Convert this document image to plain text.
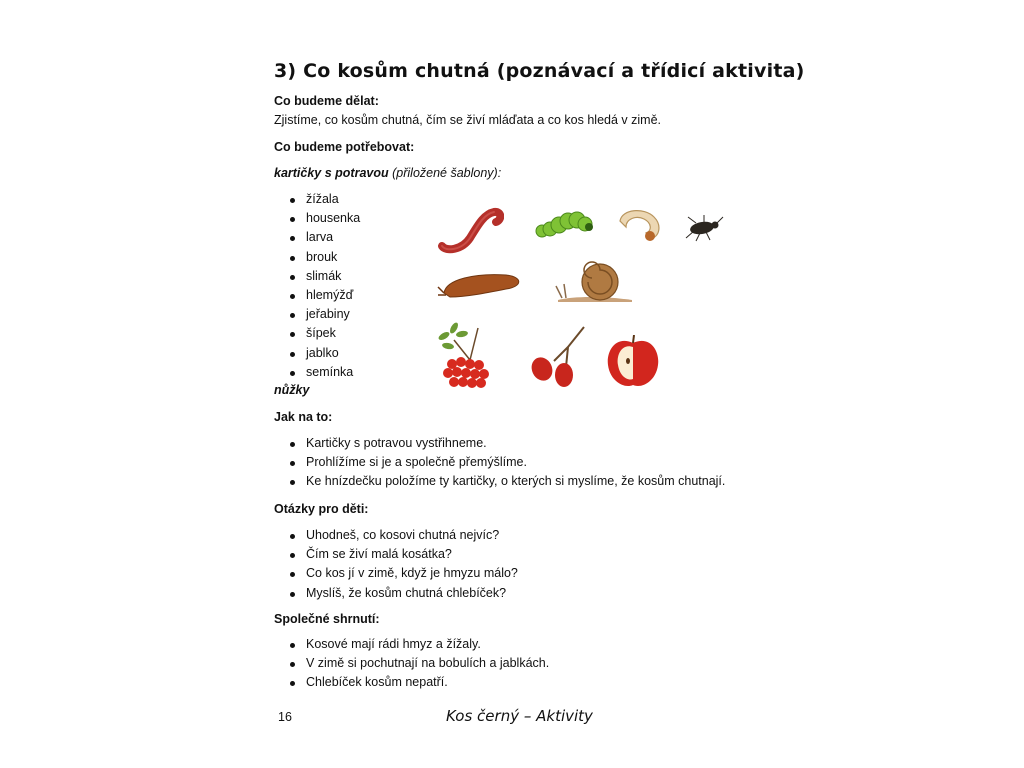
3) Co kosům chutná (poznávací a třídicí aktivita)

Co budeme dělat:

Zjistíme, co kosům chutná, čím se živí mláďata a co kos hledá v zimě.

Co budeme potřebovat:

kartičky s potravou (přiložené šablony):

žížala
housenka
larva
brouk
slimák
hlemýžď
jeřabiny
šípek
jablko
semínka

nůžky

Jak na to:

Kartičky s potravou vystřihneme.
Prohlížíme si je a společně přemýšlíme.
Ke hnízdečku položíme ty kartičky, o kterých si myslíme, že kosům chutnají.

Otázky pro děti:

Uhodneš, co kosovi chutná nejvíc?
Čím se živí malá kosátka?
Co kos jí v zimě, když je hmyzu málo?
Myslíš, že kosům chutná chlebíček?

Společné shrnutí:

Kosové mají rádi hmyz a žížaly.
V zimě si pochutnají na bobulích a jablkách.
Chlebíček kosům nepatří.
16	Kos černý – Aktivity
